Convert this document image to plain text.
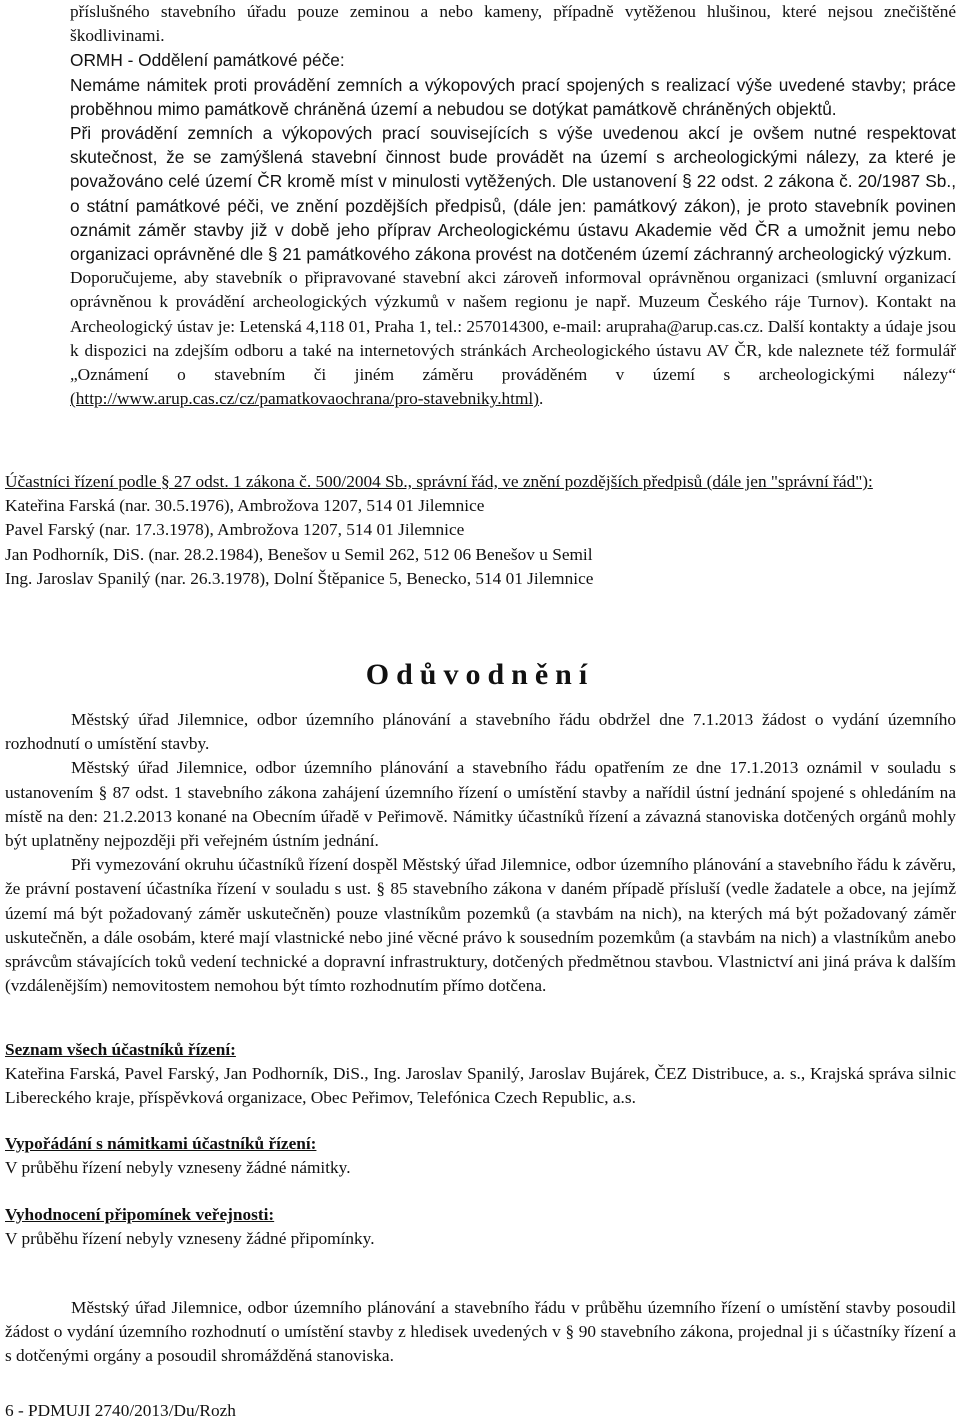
příslušného stavebního úřadu pouze zeminou a nebo kameny, případně vytěženou hlušinou, které nejsou znečištěné škodlivinami.

ORMH - Oddělení památkové péče:

Nemáme námitek proti provádění zemních a výkopových prací spojených s realizací výše uvedené stavby; práce proběhnou mimo památkově chráněná území a nebudou se dotýkat památkově chráněných objektů.

Při provádění zemních a výkopových prací souvisejících s výše uvedenou akcí je ovšem nutné respektovat skutečnost, že se zamýšlená stavební činnost bude provádět na území s archeologickými nálezy, za které je považováno celé území ČR kromě míst v minulosti vytěžených. Dle ustanovení § 22 odst. 2 zákona č. 20/1987 Sb., o státní památkové péči, ve znění pozdějších předpisů, (dále jen: památkový zákon), je proto stavebník povinen oznámit záměr stavby již v době jeho příprav Archeologickému ústavu Akademie věd ČR a umožnit jemu nebo organizaci oprávněné dle § 21 památkového zákona provést na dotčeném území záchranný archeologický výzkum.

Doporučujeme, aby stavebník o připravované stavební akci zároveň informoval oprávněnou organizaci (smluvní organizací oprávněnou k provádění archeologických výzkumů v našem regionu je např. Muzeum Českého ráje Turnov). Kontakt na Archeologický ústav je: Letenská 4,118 01, Praha 1, tel.: 257014300, e-mail: arupraha@arup.cas.cz. Další kontakty a údaje jsou k dispozici na zdejším odboru a také na internetových stránkách Archeologického ústavu AV ČR, kde naleznete též formulář „Oznámení o stavebním či jiném záměru prováděném v území s archeologickými nálezy“ (http://www.arup.cas.cz/cz/pamatkovaochrana/pro-stavebniky.html).

Účastníci řízení podle § 27 odst. 1 zákona č. 500/2004 Sb., správní řád, ve znění pozdějších předpisů (dále jen "správní řád"):

Kateřina Farská (nar. 30.5.1976), Ambrožova 1207, 514 01 Jilemnice

Pavel Farský (nar. 17.3.1978), Ambrožova 1207, 514 01 Jilemnice

Jan Podhorník, DiS. (nar. 28.2.1984), Benešov u Semil 262, 512 06 Benešov u Semil

Ing. Jaroslav Spanilý (nar. 26.3.1978), Dolní Štěpanice 5, Benecko, 514 01 Jilemnice

Odůvodnění

Městský úřad Jilemnice, odbor územního plánování a stavebního řádu obdržel dne 7.1.2013 žádost o vydání územního rozhodnutí o umístění stavby.

Městský úřad Jilemnice, odbor územního plánování a stavebního řádu opatřením ze dne 17.1.2013 oznámil v souladu s ustanovením § 87 odst. 1 stavebního zákona zahájení územního řízení o umístění stavby a nařídil ústní jednání spojené s ohledáním na místě na den: 21.2.2013 konané na Obecním úřadě v Peřimově. Námitky účastníků řízení a závazná stanoviska dotčených orgánů mohly být uplatněny nejpozději při veřejném ústním jednání.

Při vymezování okruhu účastníků řízení dospěl Městský úřad Jilemnice, odbor územního plánování a stavebního řádu k závěru, že právní postavení účastníka řízení v souladu s ust. § 85 stavebního zákona v daném případě přísluší (vedle žadatele a obce, na jejímž území má být požadovaný záměr uskutečněn) pouze vlastníkům pozemků (a stavbám na nich), na kterých má být požadovaný záměr uskutečněn, a dále osobám, které mají vlastnické nebo jiné věcné právo k sousedním pozemkům (a stavbám na nich) a vlastníkům anebo správcům stávajících toků vedení technické a dopravní infrastruktury, dotčených předmětnou stavbou. Vlastnictví ani jiná práva k dalším (vzdálenějším) nemovitostem nemohou být tímto rozhodnutím přímo dotčena.

Seznam všech účastníků řízení:

Kateřina Farská, Pavel Farský, Jan Podhorník, DiS., Ing. Jaroslav Spanilý, Jaroslav Bujárek, ČEZ Distribuce, a. s., Krajská správa silnic Libereckého kraje, příspěvková organizace, Obec Peřimov, Telefónica Czech Republic, a.s.

Vypořádání s námitkami účastníků řízení:

V průběhu řízení nebyly vzneseny žádné námitky.

Vyhodnocení připomínek veřejnosti:

V průběhu řízení nebyly vzneseny žádné připomínky.

Městský úřad Jilemnice, odbor územního plánování a stavebního řádu v průběhu územního řízení o umístění stavby posoudil žádost o vydání územního rozhodnutí o umístění stavby z hledisek uvedených v § 90 stavebního zákona, projednal ji s účastníky řízení a s dotčenými orgány a posoudil shromážděná stanoviska.

6 - PDMUJI 2740/2013/Du/Rozh
